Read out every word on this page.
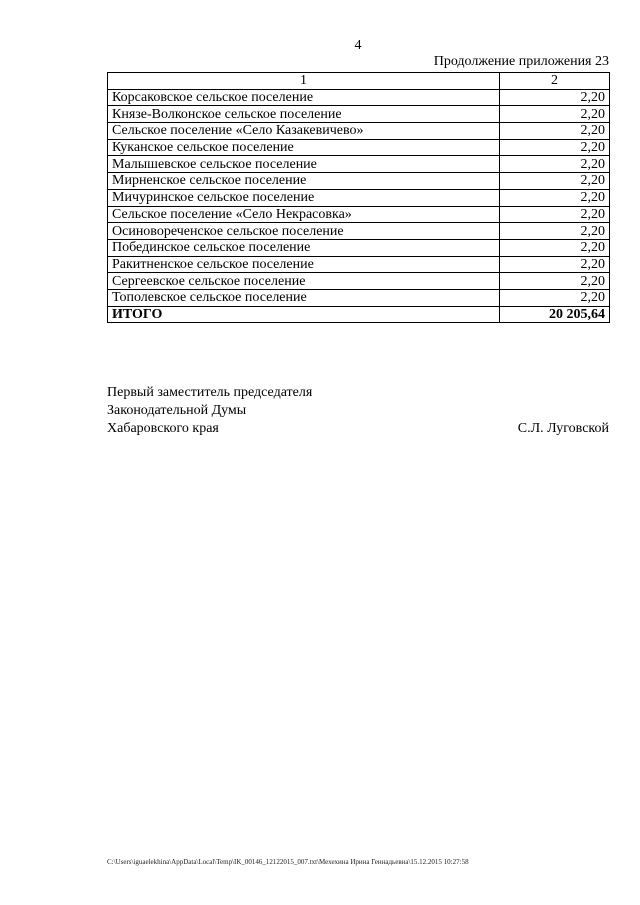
4
Продолжение приложения 23
1	2
Корсаковское сельское поселение	2,20
Князе-Волконское сельское поселение	2,20
Сельское поселение «Село Казакевичево»	2,20
Куканское сельское поселение	2,20
Малышевское сельское поселение	2,20
Мирненское сельское поселение	2,20
Мичуринское сельское поселение	2,20
Сельское поселение «Село Некрасовка»	2,20
Осиновореченское сельское поселение	2,20
Побединское сельское поселение	2,20
Ракитненское сельское поселение	2,20
Сергеевское сельское поселение	2,20
Тополевское сельское поселение	2,20
ИТОГО	20 205,64
Первый заместитель председателя
Законодательной Думы
Хабаровского края	С.Л. Луговской
C:\Users\iguaelekhina\AppData\Local\Temp\IK_00146_12122015_007.txt\Мехехина Ирина Геннадьевна\15.12.2015 10:27:58
